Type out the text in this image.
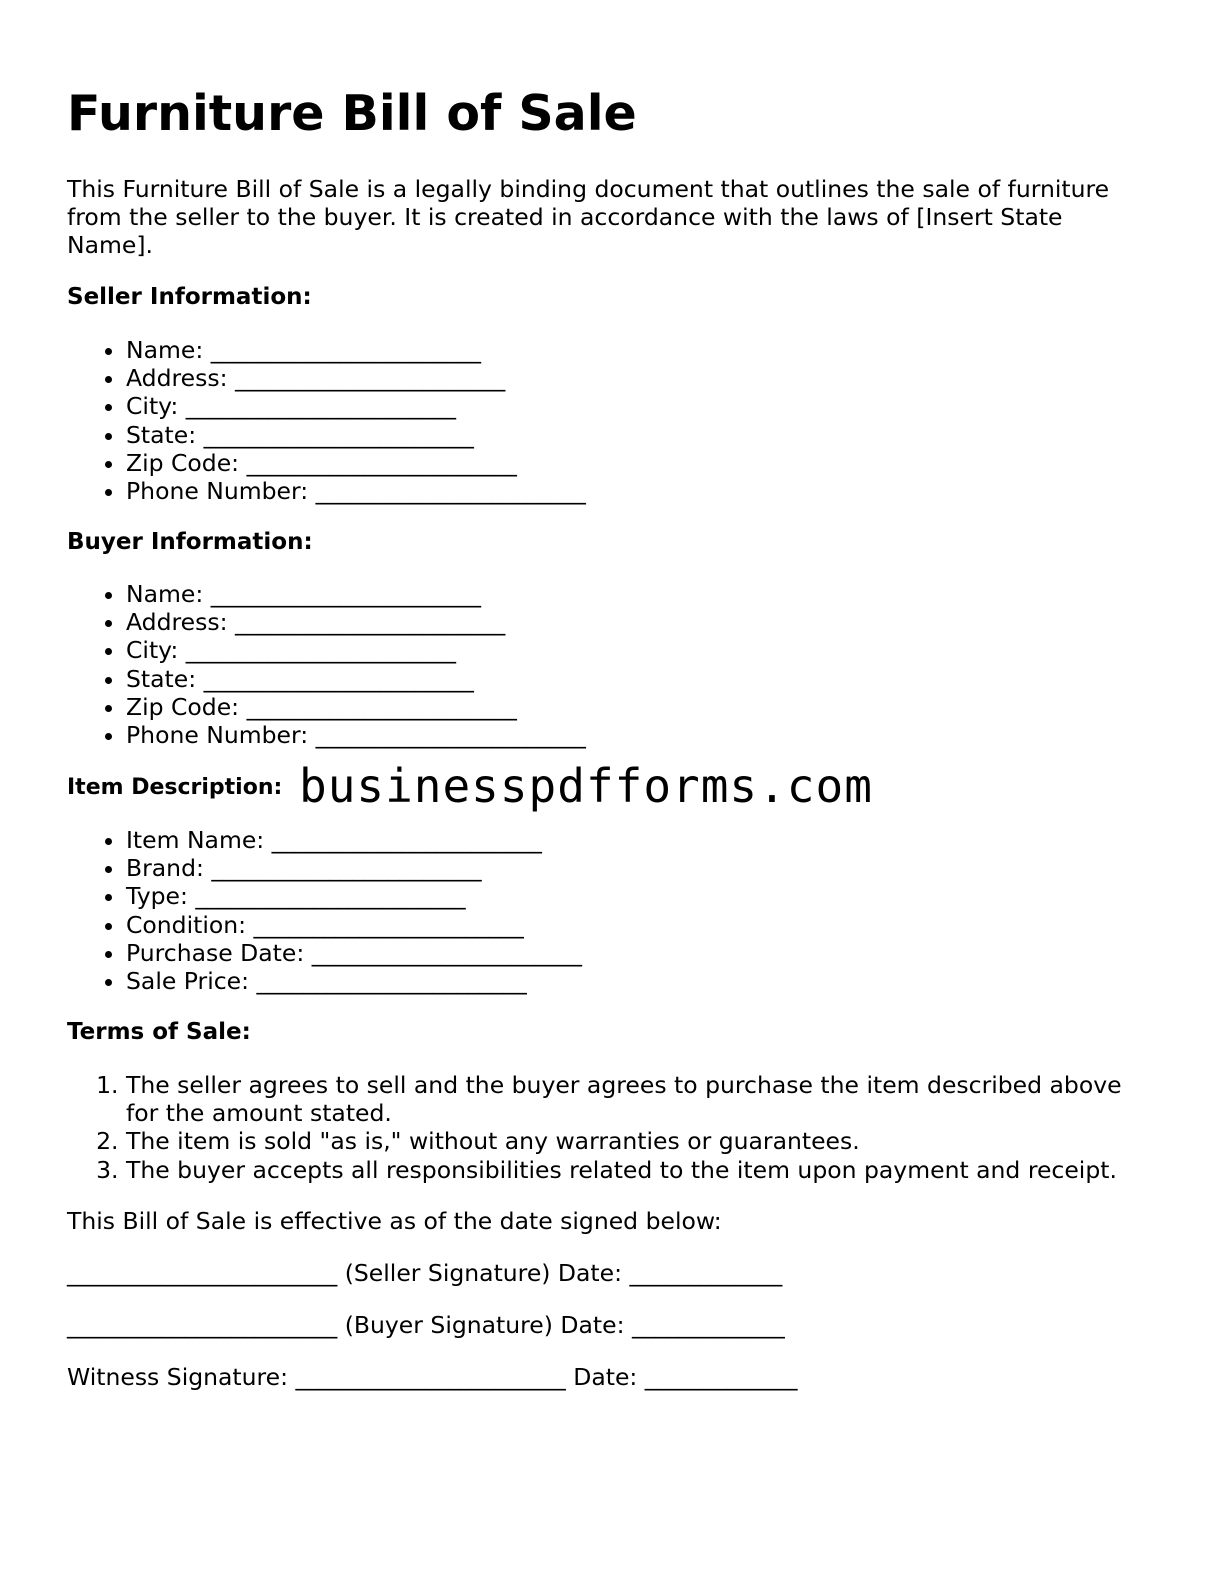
Furniture Bill of Sale

This Furniture Bill of Sale is a legally binding document that outlines the sale of furniture from the seller to the buyer. It is created in accordance with the laws of [Insert State Name].

Seller Information:

• Name: _______________________
• Address: _______________________
• City: _______________________
• State: _______________________
• Zip Code: _______________________
• Phone Number: _______________________

Buyer Information:

• Name: _______________________
• Address: _______________________
• City: _______________________
• State: _______________________
• Zip Code: _______________________
• Phone Number: _______________________

Item Description:

• Item Name: _______________________
• Brand: _______________________
• Type: _______________________
• Condition: _______________________
• Purchase Date: _______________________
• Sale Price: _______________________

Terms of Sale:

1. The seller agrees to sell and the buyer agrees to purchase the item described above for the amount stated.
2. The item is sold "as is," without any warranties or guarantees.
3. The buyer accepts all responsibilities related to the item upon payment and receipt.

This Bill of Sale is effective as of the date signed below:

_______________________ (Seller Signature) Date: _____________

_______________________ (Buyer Signature) Date: _____________

Witness Signature: _______________________ Date: _____________

businesspdfforms.com
